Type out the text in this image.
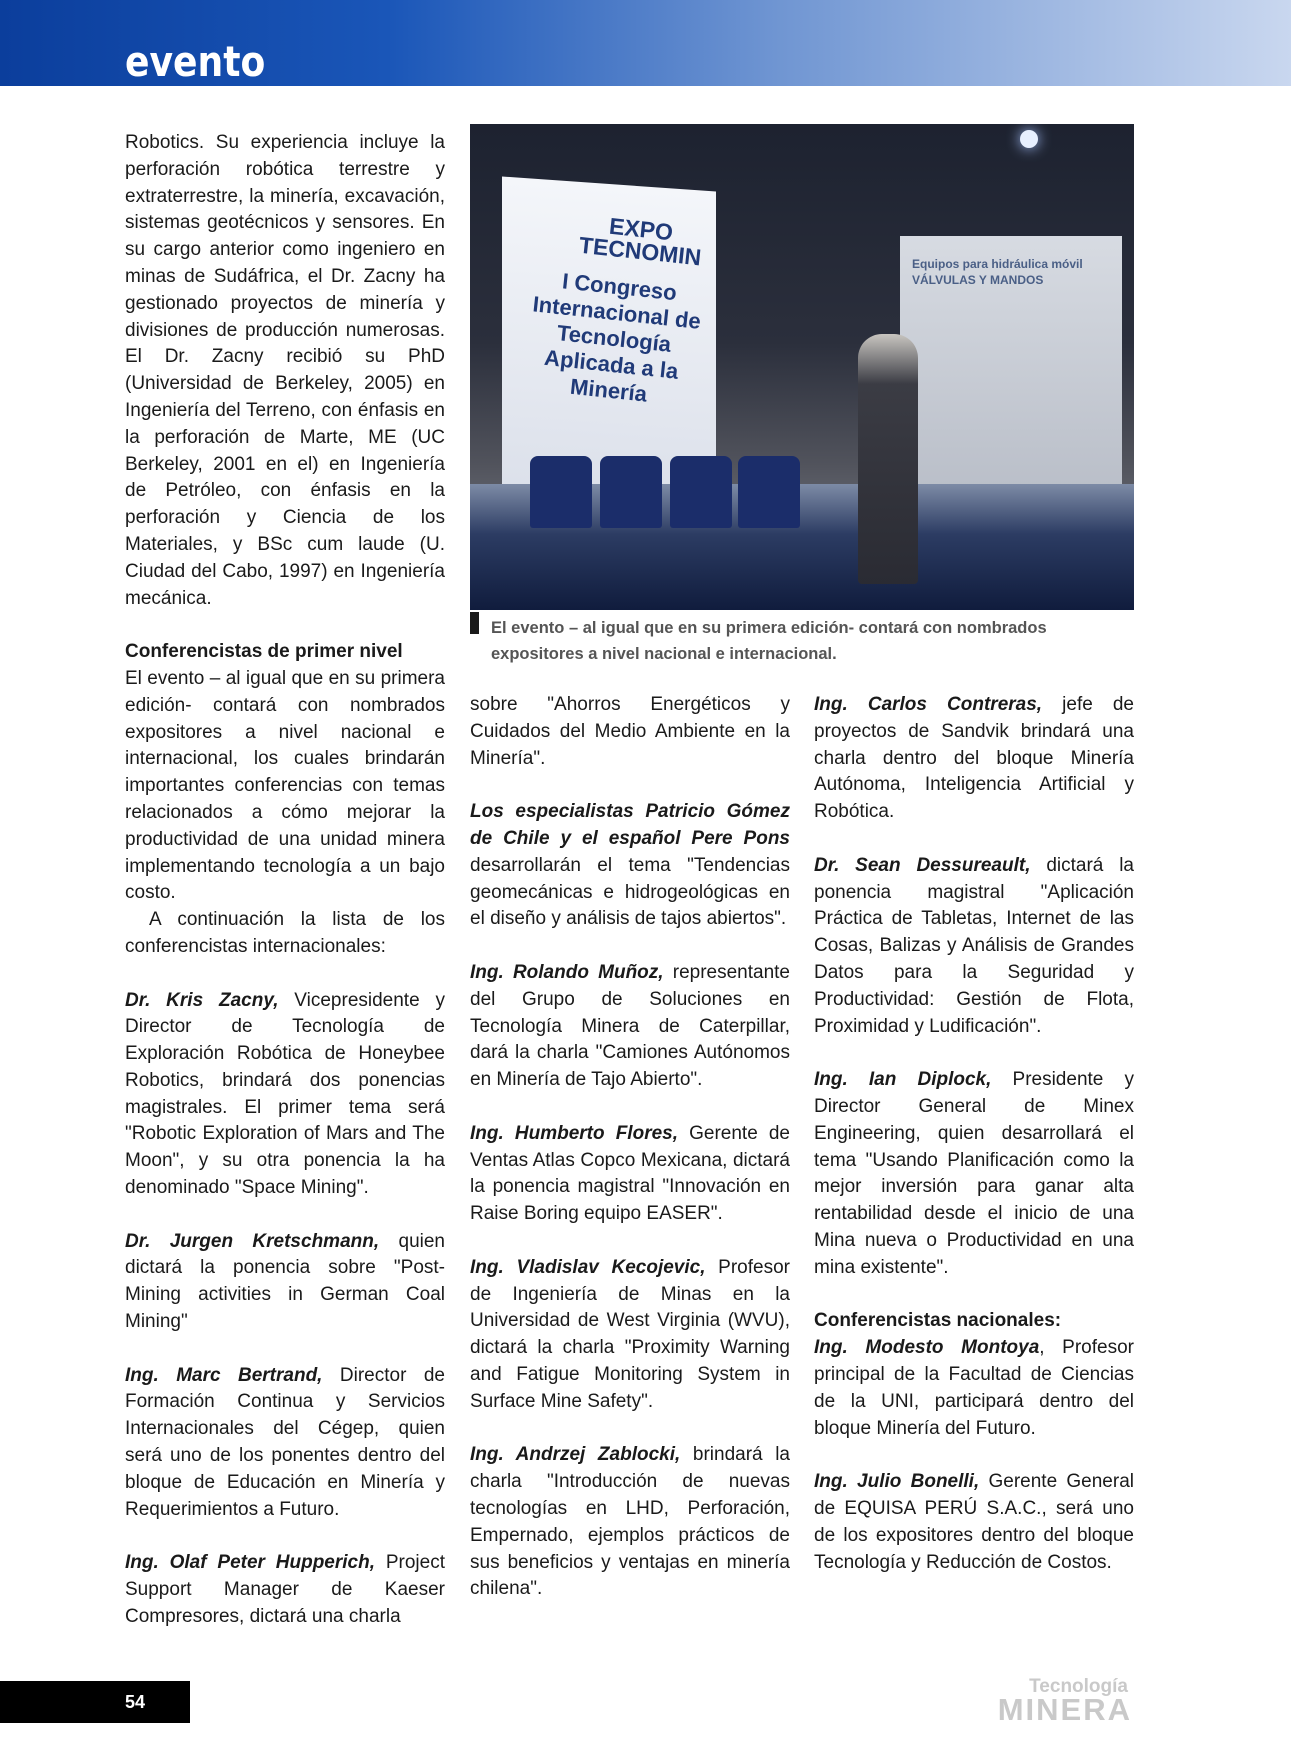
evento

Robotics. Su experiencia incluye la perforación robótica terrestre y extraterrestre, la minería, excavación, sistemas geotécnicos y sensores. En su cargo anterior como ingeniero en minas de Sudáfrica, el Dr. Zacny ha gestionado proyectos de minería y divisiones de producción numerosas. El Dr. Zacny recibió su PhD (Universidad de Berkeley, 2005) en Ingeniería del Terreno, con énfasis en la perforación de Marte, ME (UC Berkeley, 2001 en el) en Ingeniería de Petróleo, con énfasis en la perforación y Ciencia de los Materiales, y BSc cum laude (U. Ciudad del Cabo, 1997) en Ingeniería mecánica.

Conferencistas de primer nivel

El evento – al igual que en su primera edición- contará con nombrados expositores a nivel nacional e internacional, los cuales brindarán importantes conferencias con temas relacionados a cómo mejorar la productividad de una unidad minera implementando tecnología a un bajo costo.

A continuación la lista de los conferencistas internacionales:

Dr. Kris Zacny, Vicepresidente y Director de Tecnología de Exploración Robótica de Honeybee Robotics, brindará dos ponencias magistrales. El primer tema será "Robotic Exploration of Mars and The Moon", y su otra ponencia la ha denominado "Space Mining".

Dr. Jurgen Kretschmann, quien dictará la ponencia sobre "Post-Mining activities in German Coal Mining"

Ing. Marc Bertrand, Director de Formación Continua y Servicios Internacionales del Cégep, quien será uno de los ponentes dentro del bloque de Educación en Minería y Requerimientos a Futuro.

Ing. Olaf Peter Hupperich, Project Support Manager de Kaeser Compresores, dictará una charla

EXPO TECNOMIN
I Congreso Internacional de Tecnología Aplicada a la Minería
Equipos para hidráulica móvil VÁLVULAS Y MANDOS

El evento – al igual que en su primera edición- contará con nombrados expositores a nivel nacional e internacional.

sobre "Ahorros Energéticos y Cuidados del Medio Ambiente en la Minería".

Los especialistas Patricio Gómez de Chile y el español Pere Pons desarrollarán el tema "Tendencias geomecánicas e hidrogeológicas en el diseño y análisis de tajos abiertos".

Ing. Rolando Muñoz, representante del Grupo de Soluciones en Tecnología Minera de Caterpillar, dará la charla "Camiones Autónomos en Minería de Tajo Abierto".

Ing. Humberto Flores, Gerente de Ventas Atlas Copco Mexicana, dictará la ponencia magistral "Innovación en Raise Boring equipo EASER".

Ing. Vladislav Kecojevic, Profesor de Ingeniería de Minas en la Universidad de West Virginia (WVU), dictará la charla "Proximity Warning and Fatigue Monitoring System in Surface Mine Safety".

Ing. Andrzej Zablocki, brindará la charla "Introducción de nuevas tecnologías en LHD, Perforación, Empernado, ejemplos prácticos de sus beneficios y ventajas en minería chilena".

Ing. Carlos Contreras, jefe de proyectos de Sandvik brindará una charla dentro del bloque Minería Autónoma, Inteligencia Artificial y Robótica.

Dr. Sean Dessureault, dictará la ponencia magistral "Aplicación Práctica de Tabletas, Internet de las Cosas, Balizas y Análisis de Grandes Datos para la Seguridad y Productividad: Gestión de Flota, Proximidad y Ludificación".

Ing. Ian Diplock, Presidente y Director General de Minex Engineering, quien desarrollará el tema "Usando Planificación como la mejor inversión para ganar alta rentabilidad desde el inicio de una Mina nueva o Productividad en una mina existente".

Conferencistas nacionales:

Ing. Modesto Montoya, Profesor principal de la Facultad de Ciencias de la UNI, participará dentro del bloque Minería del Futuro.

Ing. Julio Bonelli, Gerente General de EQUISA PERÚ S.A.C., será uno de los expositores dentro del bloque Tecnología y Reducción de Costos.

54

Tecnología
MINERA
